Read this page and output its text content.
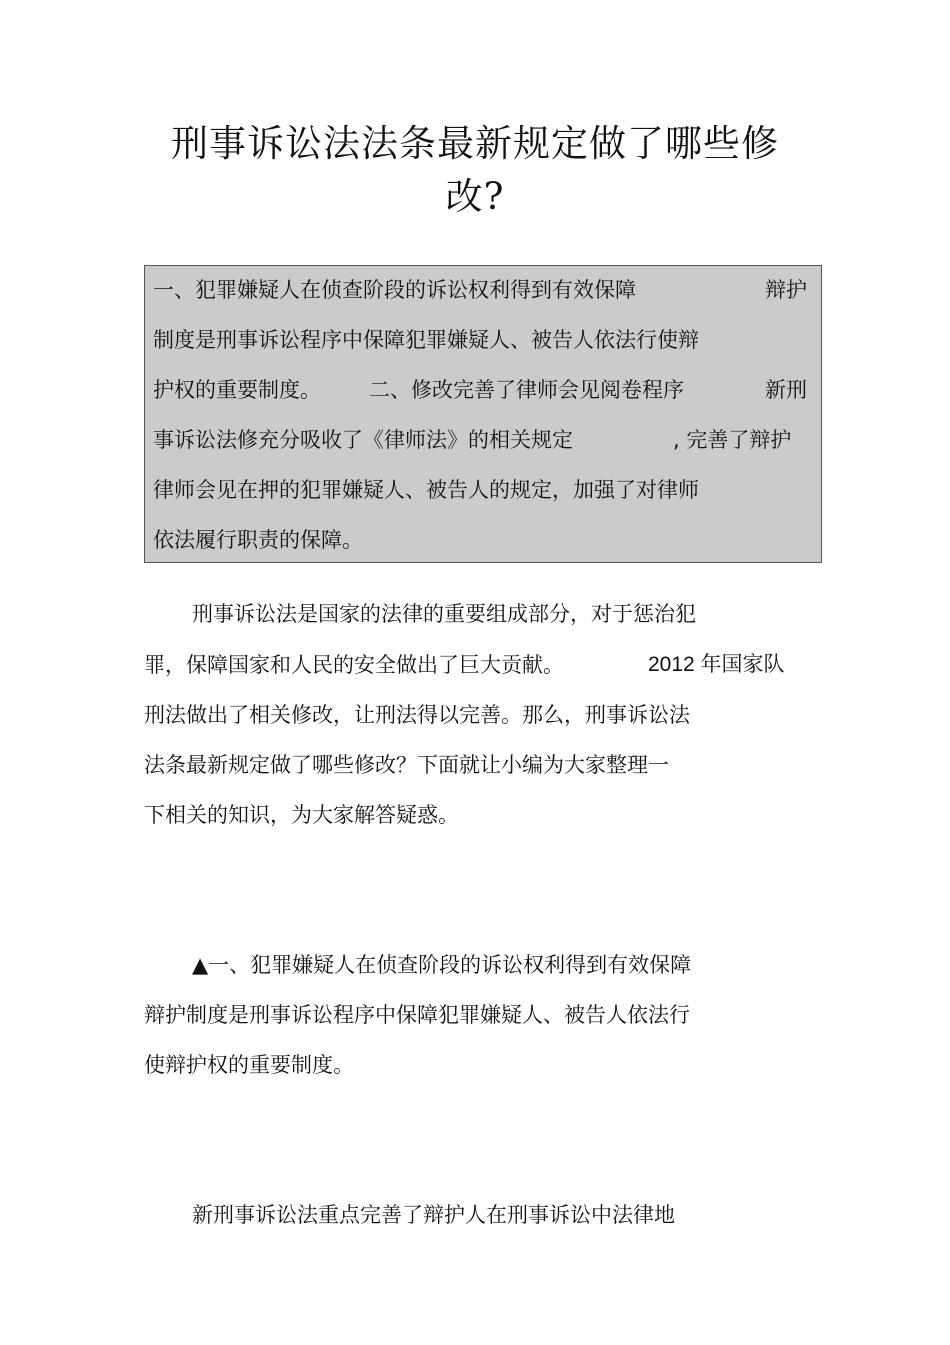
刑事诉讼法法条最新规定做了哪些修
改?
一、犯罪嫌疑人在侦查阶段的诉讼权利得到有效保障	辩护
制度是刑事诉讼程序中保障犯罪嫌疑人、被告人依法行使辩
护权的重要制度。 二、修改完善了律师会见阅卷程序	新刑
事诉讼法修充分吸收了《律师法》的相关规定	, 完善了辩护
律师会见在押的犯罪嫌疑人、被告人的规定，加强了对律师
依法履行职责的保障。
刑事诉讼法是国家的法律的重要组成部分，对于惩治犯
罪，保障国家和人民的安全做出了巨大贡献。	2012 年国家队
刑法做出了相关修改，让刑法得以完善。那么，刑事诉讼法
法条最新规定做了哪些修改？下面就让小编为大家整理一
下相关的知识，为大家解答疑惑。
▲一、犯罪嫌疑人在侦查阶段的诉讼权利得到有效保障
辩护制度是刑事诉讼程序中保障犯罪嫌疑人、被告人依法行
使辩护权的重要制度。
新刑事诉讼法重点完善了辩护人在刑事诉讼中法律地
